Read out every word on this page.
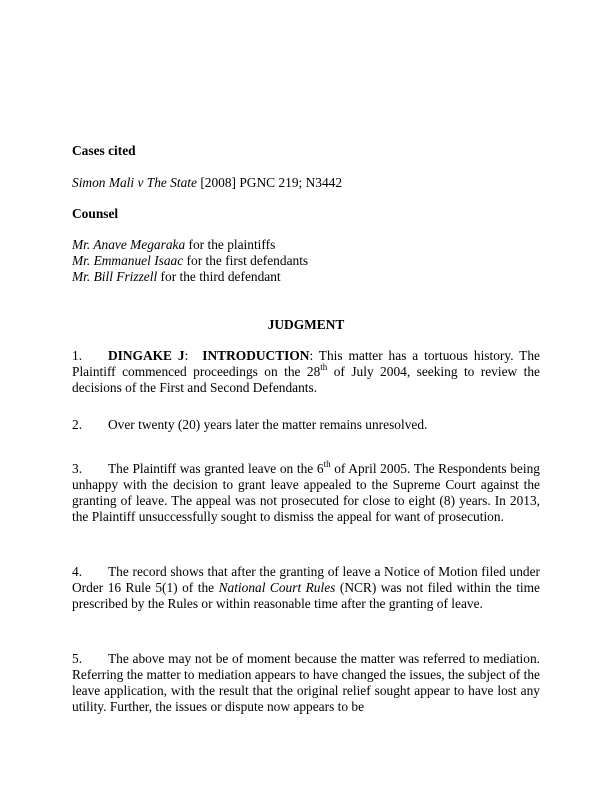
Cases cited
Simon Mali v The State [2008] PGNC 219; N3442
Counsel
Mr. Anave Megaraka for the plaintiffs
Mr. Emmanuel Isaac for the first defendants
Mr. Bill Frizzell for the third defendant
JUDGMENT
1. DINGAKE J: INTRODUCTION: This matter has a tortuous history. The Plaintiff commenced proceedings on the 28th of July 2004, seeking to review the decisions of the First and Second Defendants.
2. Over twenty (20) years later the matter remains unresolved.
3. The Plaintiff was granted leave on the 6th of April 2005. The Respondents being unhappy with the decision to grant leave appealed to the Supreme Court against the granting of leave. The appeal was not prosecuted for close to eight (8) years. In 2013, the Plaintiff unsuccessfully sought to dismiss the appeal for want of prosecution.
4. The record shows that after the granting of leave a Notice of Motion filed under Order 16 Rule 5(1) of the National Court Rules (NCR) was not filed within the time prescribed by the Rules or within reasonable time after the granting of leave.
5. The above may not be of moment because the matter was referred to mediation. Referring the matter to mediation appears to have changed the issues, the subject of the leave application, with the result that the original relief sought appear to have lost any utility. Further, the issues or dispute now appears to be
